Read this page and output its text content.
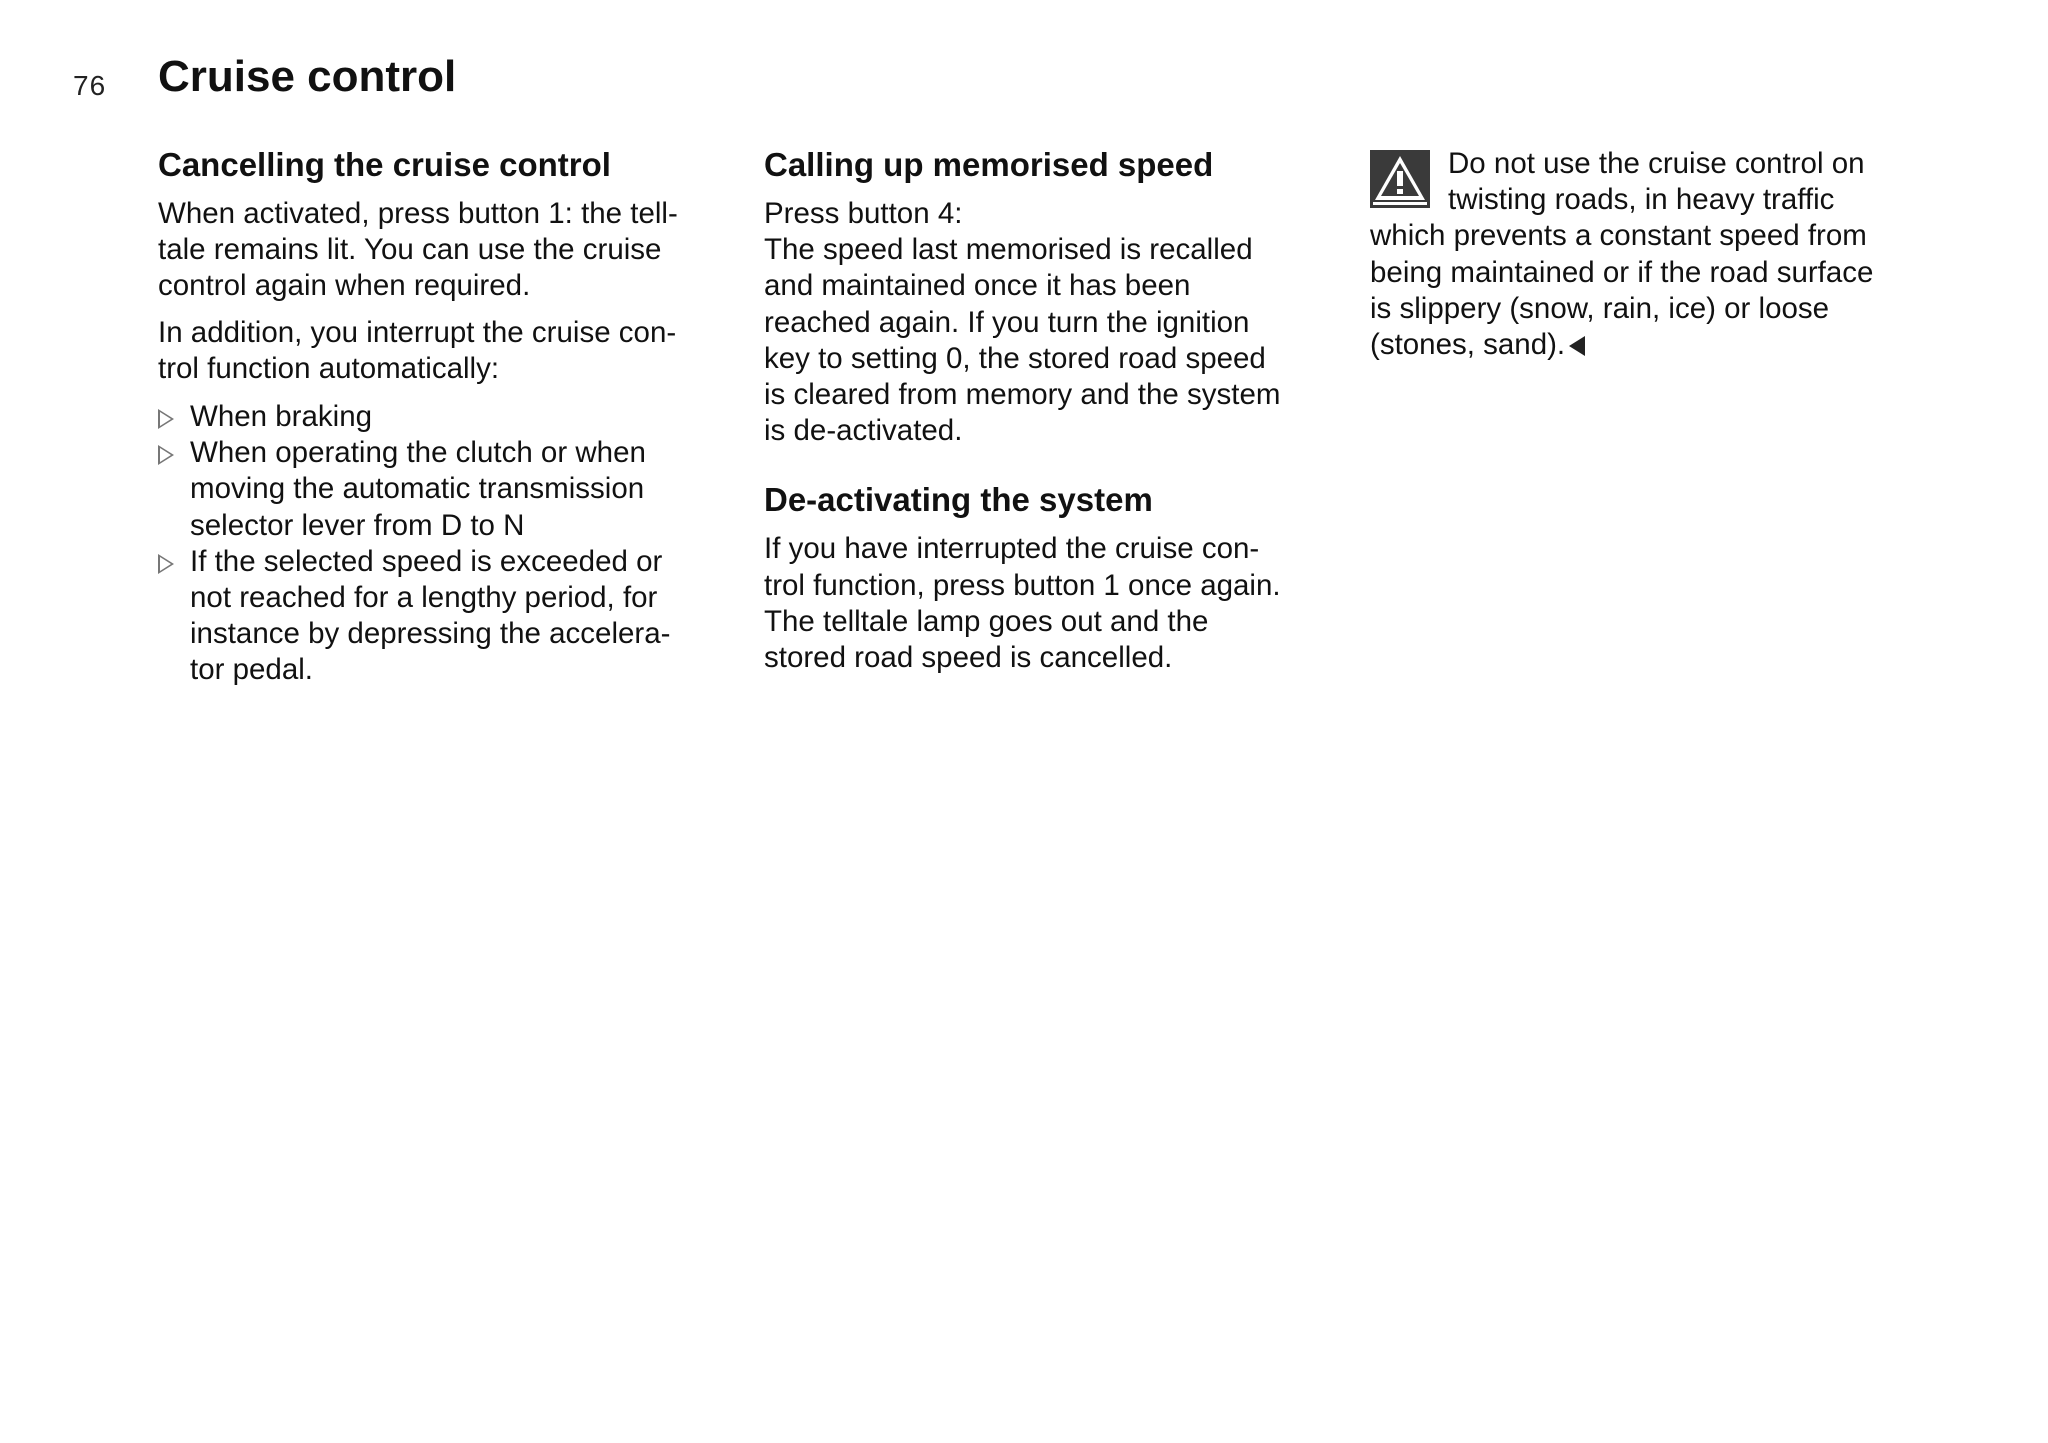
76 Cruise control
Cancelling the cruise control
When activated, press button 1: the tell-
tale remains lit. You can use the cruise
control again when required.
In addition, you interrupt the cruise con-
trol function automatically:
When braking
When operating the clutch or when
moving the automatic transmission
selector lever from D to N
If the selected speed is exceeded or
not reached for a lengthy period, for
instance by depressing the accelera-
tor pedal.
Calling up memorised speed
Press button 4:
The speed last memorised is recalled
and maintained once it has been
reached again. If you turn the ignition
key to setting 0, the stored road speed
is cleared from memory and the system
is de-activated.
De-activating the system
If you have interrupted the cruise con-
trol function, press button 1 once again.
The telltale lamp goes out and the
stored road speed is cancelled.
Do not use the cruise control on
twisting roads, in heavy traffic
which prevents a constant speed from
being maintained or if the road surface
is slippery (snow, rain, ice) or loose
(stones, sand).
